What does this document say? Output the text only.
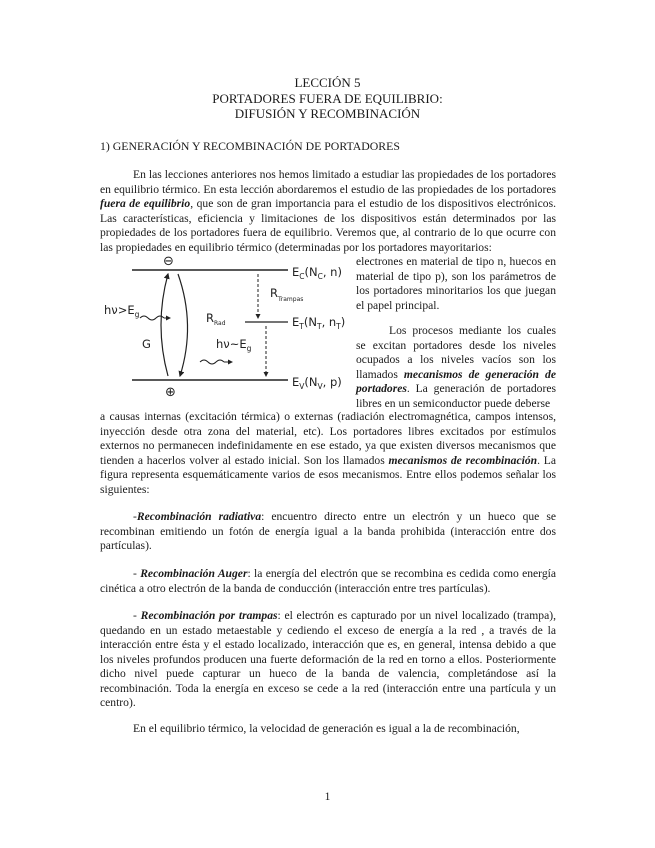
LECCIÓN 5
PORTADORES FUERA DE EQUILIBRIO:
DIFUSIÓN Y RECOMBINACIÓN
1) GENERACIÓN Y RECOMBINACIÓN DE PORTADORES

En las lecciones anteriores nos hemos limitado a estudiar las propiedades de los portadores en equilibrio térmico. En esta lección abordaremos el estudio de las propiedades de los portadores fuera de equilibrio, que son de gran importancia para el estudio de los dispositivos electrónicos. Las características, eficiencia y limitaciones de los dispositivos están determinados por las propiedades de los portadores fuera de equilibrio. Veremos que, al contrario de lo que ocurre con las propiedades en equilibrio térmico (determinadas por los portadores mayoritarios:

⊖
⊕
$E_C(N_C$, n)
$E_T(N_T$, $n_T$)
$E_V(N_V$, p)
$h\nu>E_g$
$h\nu\sim E_g$
G
$R_{Rad}$
$R_{Trampas}$

electrones en material de tipo n, huecos en material de tipo p), son los parámetros de los portadores minoritarios los que juegan el papel principal.

Los procesos mediante los cuales se excitan portadores desde los niveles ocupados a los niveles vacíos son los llamados mecanismos de generación de portadores. La generación de portadores libres en un semiconductor puede deberse

a causas internas (excitación térmica) o externas (radiación electromagnética, campos intensos, inyección desde otra zona del material, etc). Los portadores libres excitados por estímulos externos no permanecen indefinidamente en ese estado, ya que existen diversos mecanismos que tienden a hacerlos volver al estado inicial. Son los llamados mecanismos de recombinación. La figura representa esquemáticamente varios de esos mecanismos. Entre ellos podemos señalar los siguientes:

-Recombinación radiativa: encuentro directo entre un electrón y un hueco que se recombinan emitiendo un fotón de energía igual a la banda prohibida (interacción entre dos partículas).

- Recombinación Auger: la energía del electrón que se recombina es cedida como energía cinética a otro electrón de la banda de conducción (interacción entre tres partículas).

- Recombinación por trampas: el electrón es capturado por un nivel localizado (trampa), quedando en un estado metaestable y cediendo el exceso de energía a la red , a través de la interacción entre ésta y el estado localizado, interacción que es, en general, intensa debido a que los niveles profundos producen una fuerte deformación de la red en torno a ellos. Posteriormente dicho nivel puede capturar un hueco de la banda de valencia, completándose así la recombinación. Toda la energía en exceso se cede a la red (interacción entre una partícula y un centro).

En el equilibrio térmico, la velocidad de generación es igual a la de recombinación,

1
